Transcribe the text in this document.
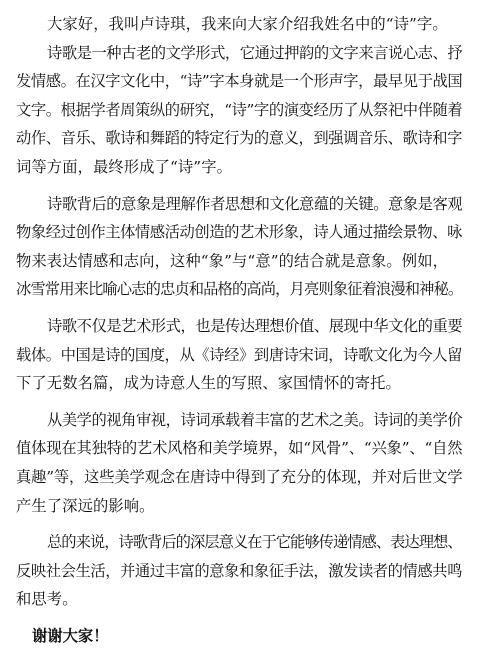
大家好，我叫卢诗琪，我来向大家介绍我姓名中的“诗”字。
诗歌是一种古老的文学形式，它通过押韵的文字来言说心志、抒
发情感。在汉字文化中，“诗”字本身就是一个形声字，最早见于战国
文字。根据学者周策纵的研究，“诗”字的演变经历了从祭祀中伴随着
动作、音乐、歌诗和舞蹈的特定行为的意义，到强调音乐、歌诗和字
词等方面，最终形成了“诗”字。
诗歌背后的意象是理解作者思想和文化意蕴的关键。意象是客观
物象经过创作主体情感活动创造的艺术形象，诗人通过描绘景物、咏
物来表达情感和志向，这种“象”与“意”的结合就是意象。例如，
冰雪常用来比喻心志的忠贞和品格的高尚，月亮则象征着浪漫和神秘。
诗歌不仅是艺术形式，也是传达理想价值、展现中华文化的重要
载体。中国是诗的国度，从《诗经》到唐诗宋词，诗歌文化为今人留
下了无数名篇，成为诗意人生的写照、家国情怀的寄托。
从美学的视角审视，诗词承载着丰富的艺术之美。诗词的美学价
值体现在其独特的艺术风格和美学境界，如“风骨”、“兴象”、“自然
真趣”等，这些美学观念在唐诗中得到了充分的体现，并对后世文学
产生了深远的影响。
总的来说，诗歌背后的深层意义在于它能够传递情感、表达理想、
反映社会生活，并通过丰富的意象和象征手法，激发读者的情感共鸣
和思考。
谢谢大家！
